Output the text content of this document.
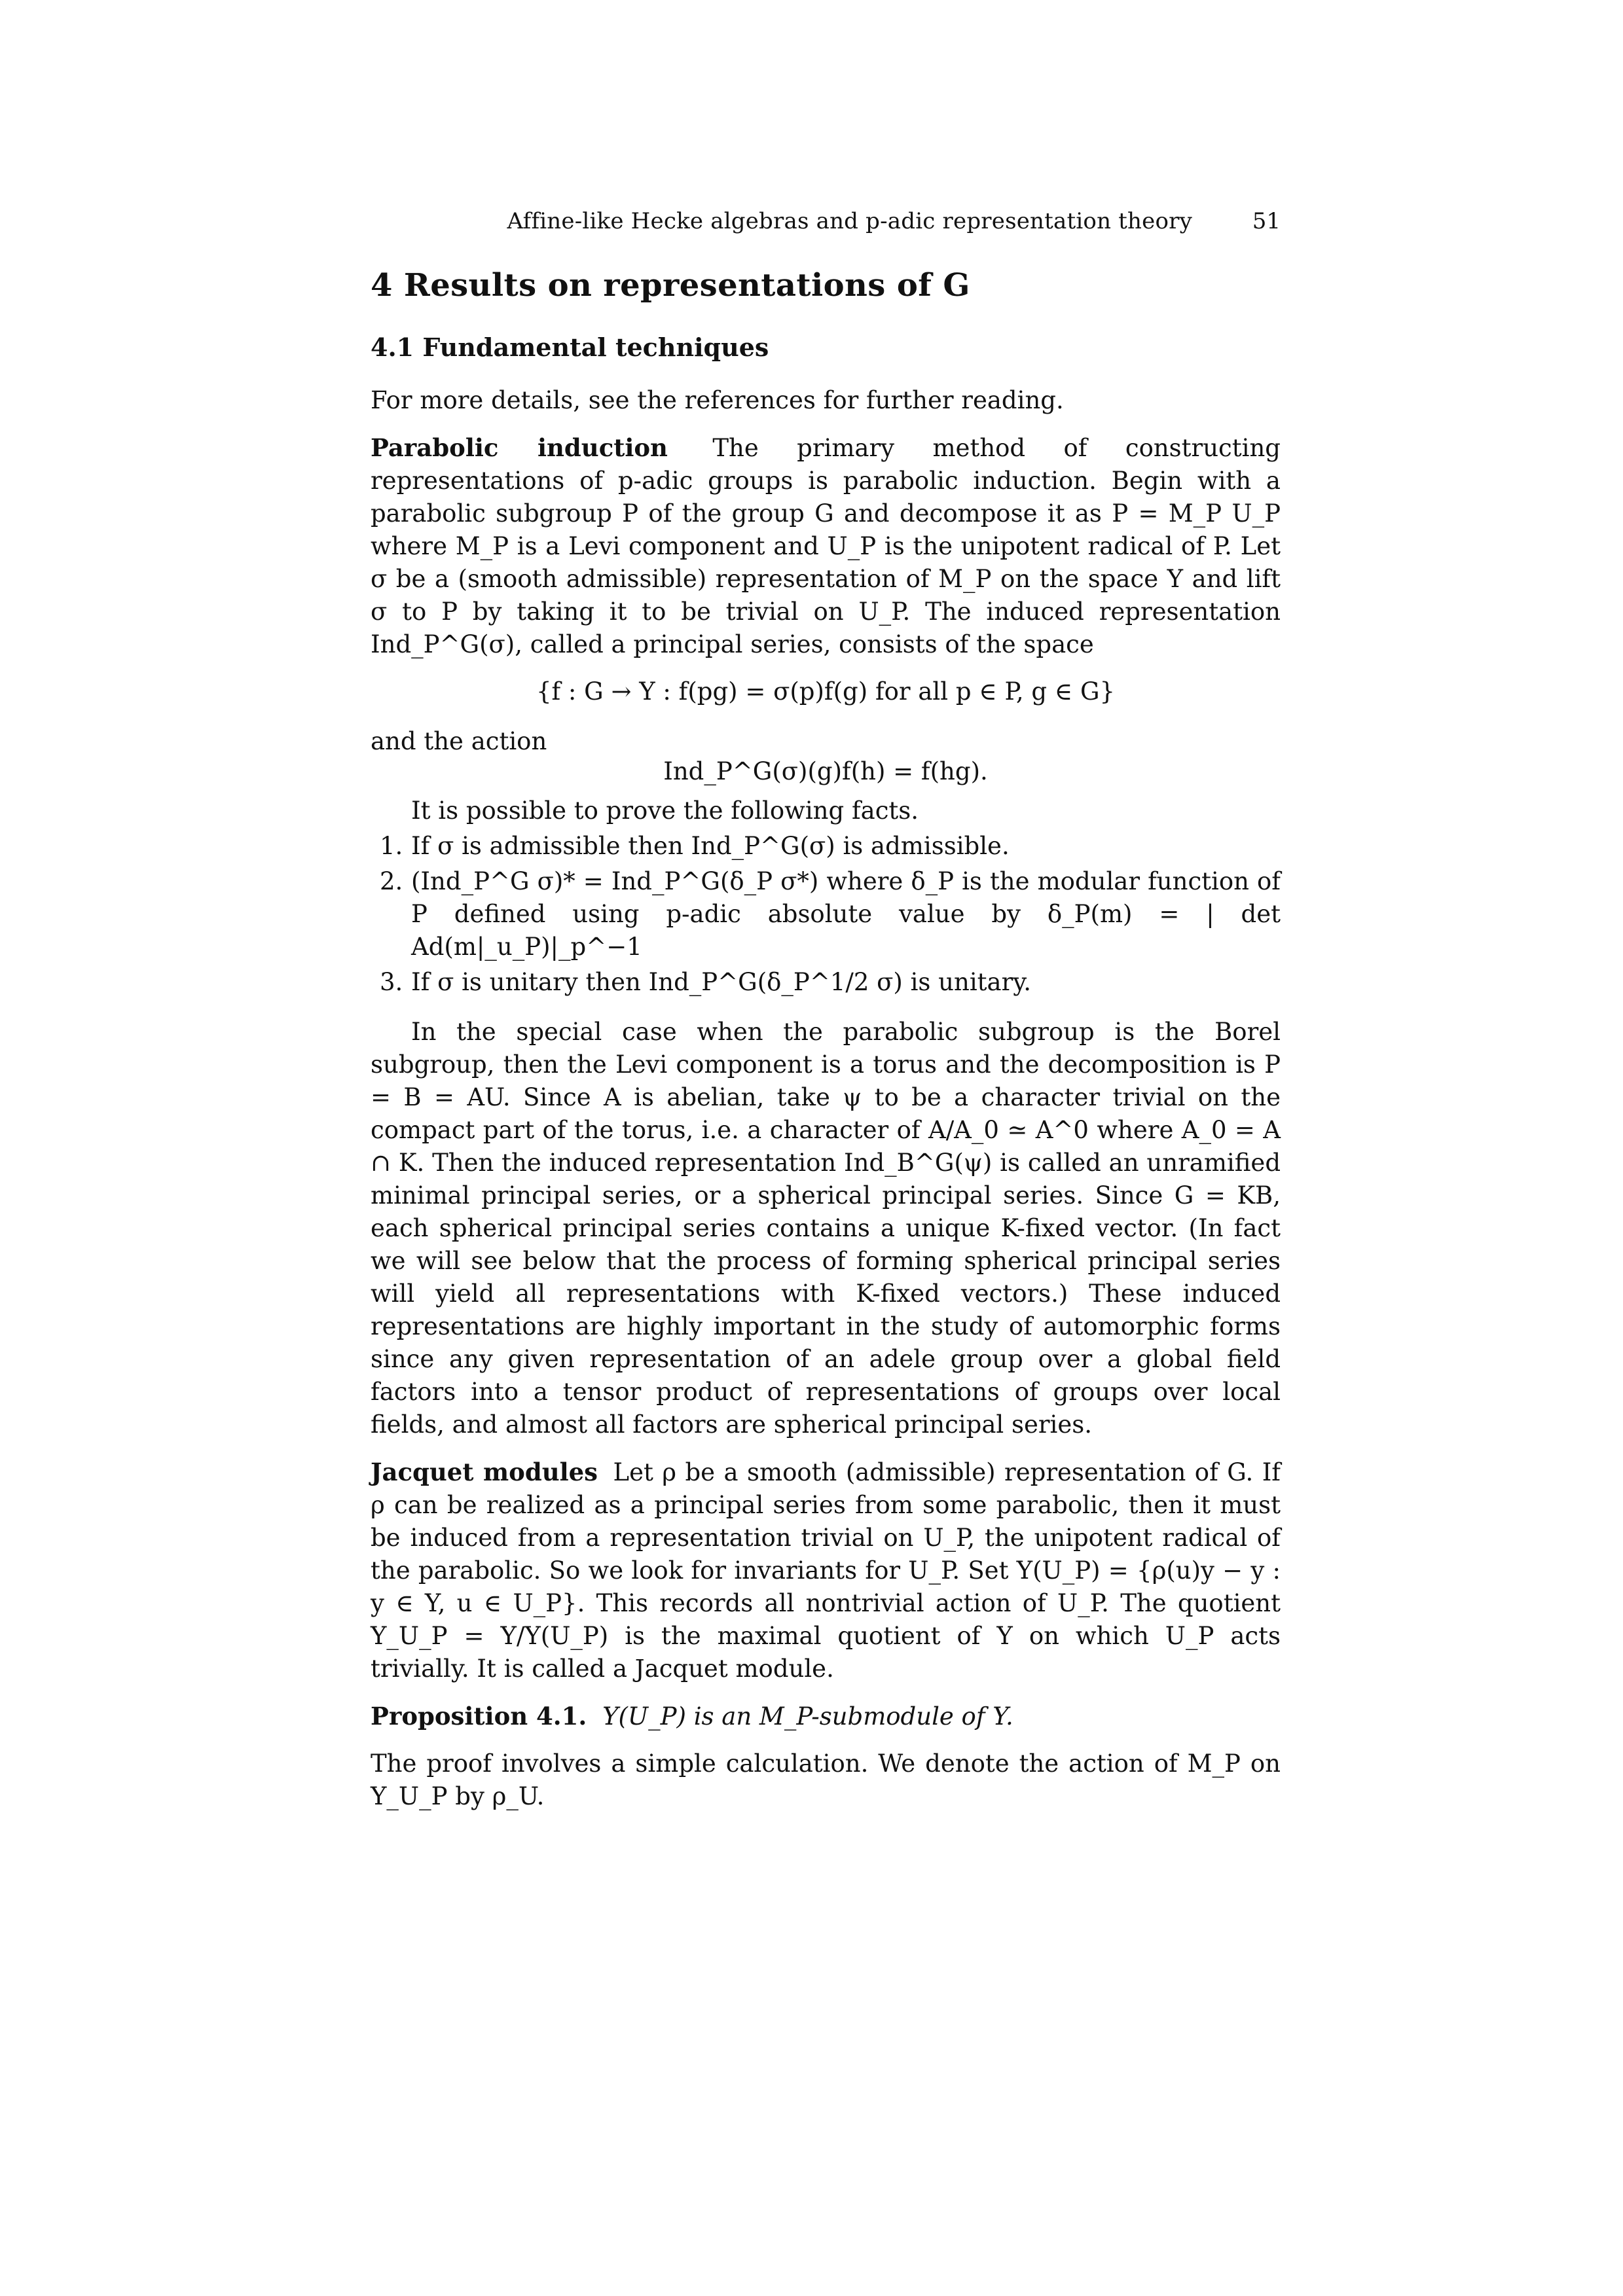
Affine-like Hecke algebras and p-adic representation theory	51
4 Results on representations of G
4.1 Fundamental techniques

For more details, see the references for further reading.

Parabolic induction The primary method of constructing representations of p-adic groups is parabolic induction. Begin with a parabolic subgroup P of the group G and decompose it as P = M_P U_P where M_P is a Levi component and U_P is the unipotent radical of P. Let σ be a (smooth admissible) representation of M_P on the space Y and lift σ to P by taking it to be trivial on U_P. The induced representation Ind_P^G(σ), called a principal series, consists of the space

{f : G → Y : f(pg) = σ(p)f(g) for all p ∈ P, g ∈ G}

and the action

Ind_P^G(σ)(g)f(h) = f(hg).

It is possible to prove the following facts.

1. If σ is admissible then Ind_P^G(σ) is admissible.
2. (Ind_P^G σ)* = Ind_P^G(δ_P σ*) where δ_P is the modular function of P defined using p-adic absolute value by δ_P(m) = | det Ad(m|_u_P)|_p^−1
3. If σ is unitary then Ind_P^G(δ_P^1/2 σ) is unitary.

In the special case when the parabolic subgroup is the Borel subgroup, then the Levi component is a torus and the decomposition is P = B = AU. Since A is abelian, take ψ to be a character trivial on the compact part of the torus, i.e. a character of A/A_0 ≃ A^0 where A_0 = A ∩ K. Then the induced representation Ind_B^G(ψ) is called an unramified minimal principal series, or a spherical principal series. Since G = KB, each spherical principal series contains a unique K-fixed vector. (In fact we will see below that the process of forming spherical principal series will yield all representations with K-fixed vectors.) These induced representations are highly important in the study of automorphic forms since any given representation of an adele group over a global field factors into a tensor product of representations of groups over local fields, and almost all factors are spherical principal series.

Jacquet modules Let ρ be a smooth (admissible) representation of G. If ρ can be realized as a principal series from some parabolic, then it must be induced from a representation trivial on U_P, the unipotent radical of the parabolic. So we look for invariants for U_P. Set Y(U_P) = {ρ(u)y − y : y ∈ Y, u ∈ U_P}. This records all nontrivial action of U_P. The quotient Y_U_P = Y/Y(U_P) is the maximal quotient of Y on which U_P acts trivially. It is called a Jacquet module.

Proposition 4.1. Y(U_P) is an M_P-submodule of Y.

The proof involves a simple calculation. We denote the action of M_P on Y_U_P by ρ_U.
